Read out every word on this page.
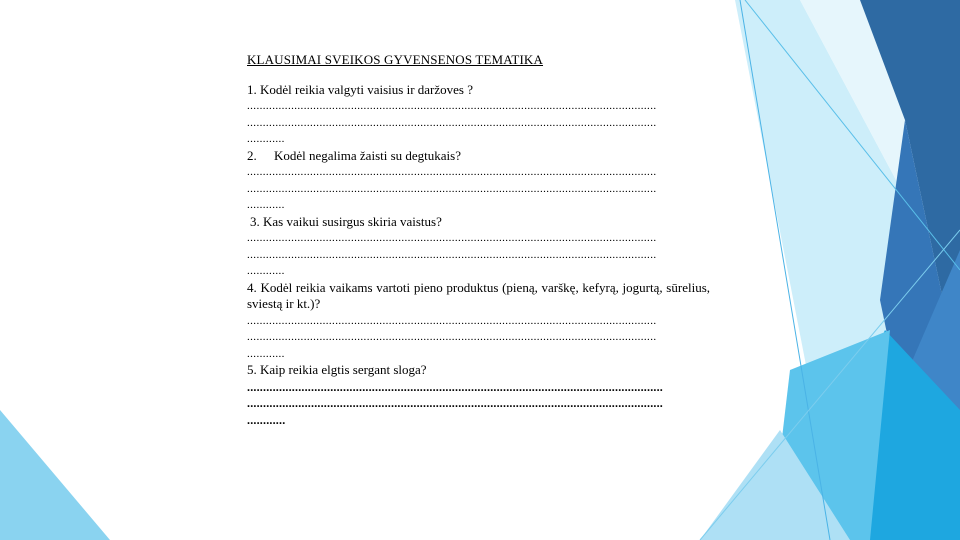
KLAUSIMAI SVEIKOS GYVENSENOS TEMATIKA

1. Kodėl reikia valgyti vaisius ir daržoves ?

..................................................................................................................................
..................................................................................................................................
............

2.	Kodėl negalima žaisti su degtukais?

..................................................................................................................................
..................................................................................................................................
............

3. Kas vaikui susirgus skiria vaistus?

..................................................................................................................................
..................................................................................................................................
............

4. Kodėl reikia vaikams vartoti pieno produktus (pieną, varškę, kefyrą, jogurtą, sūrelius, sviestą ir kt.)?

..................................................................................................................................
..................................................................................................................................
............

5. Kaip reikia elgtis sergant sloga?

..................................................................................................................................
..................................................................................................................................
............
